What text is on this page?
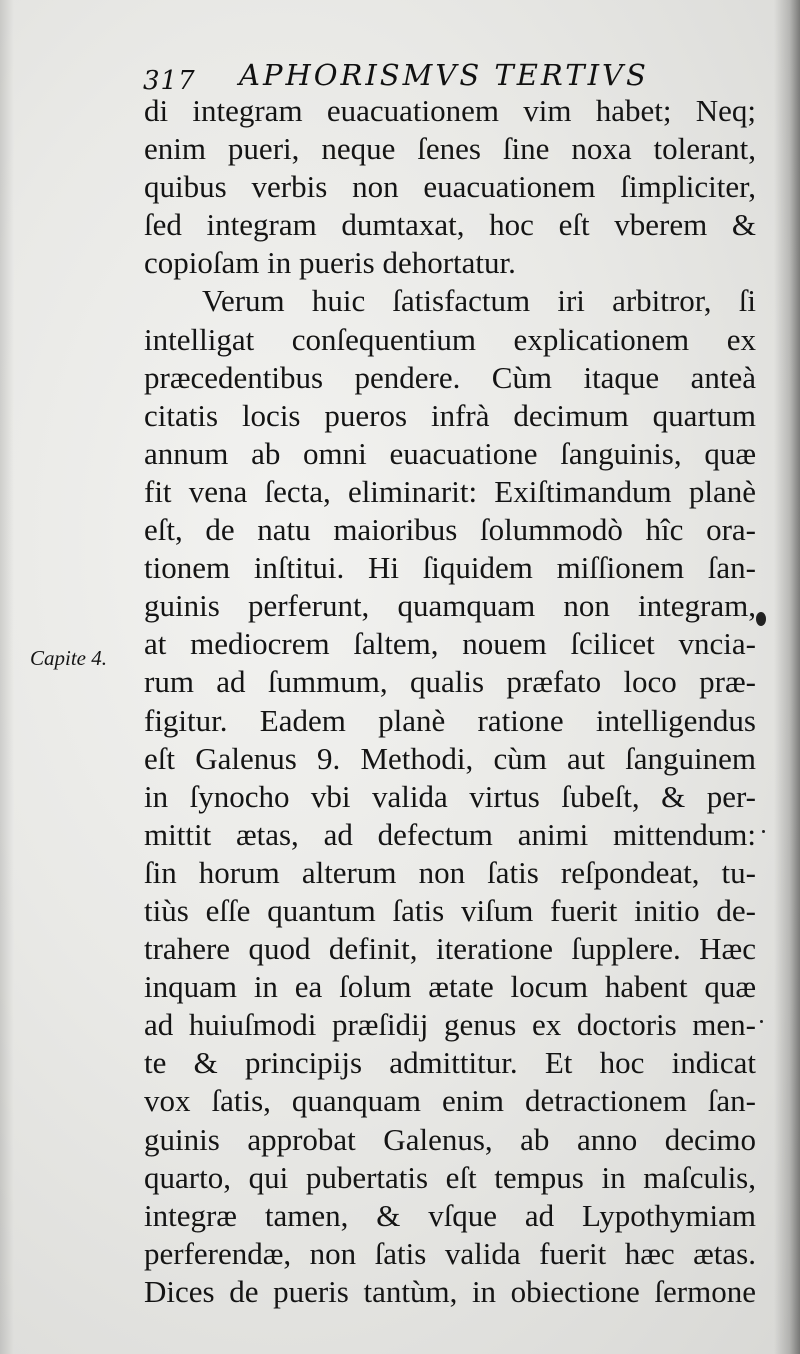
317 APHORISMVS TERTIVS
Capite 4.
di integram euacuationem vim habet; Neq;
enim pueri, neque ſenes ſine noxa tolerant,
quibus verbis non euacuationem ſimpliciter,
ſed integram dumtaxat, hoc eſt vberem &
copioſam in pueris dehortatur.
Verum huic ſatisfactum iri arbitror, ſi
intelligat conſequentium explicationem ex
præcedentibus pendere. Cùm itaque anteà
citatis locis pueros infrà decimum quartum
annum ab omni euacuatione ſanguinis, quæ
fit vena ſecta, eliminarit: Exiſtimandum planè
eſt, de natu maioribus ſolummodò hîc ora-
tionem inſtitui. Hi ſiquidem miſſionem ſan-
guinis perferunt, quamquam non integram,
at mediocrem ſaltem, nouem ſcilicet vncia-
rum ad ſummum, qualis præfato loco præ-
figitur. Eadem planè ratione intelligendus
eſt Galenus 9. Methodi, cùm aut ſanguinem
in ſynocho vbi valida virtus ſubeſt, & per-
mittit ætas, ad defectum animi mittendum:
ſin horum alterum non ſatis reſpondeat, tu-
tiùs eſſe quantum ſatis viſum fuerit initio de-
trahere quod definit, iteratione ſupplere. Hæc
inquam in ea ſolum ætate locum habent quæ
ad huiuſmodi præſidij genus ex doctoris men-
te & principijs admittitur. Et hoc indicat
vox ſatis, quanquam enim detractionem ſan-
guinis approbat Galenus, ab anno decimo
quarto, qui pubertatis eſt tempus in maſculis,
integræ tamen, & vſque ad Lypothymiam
perferendæ, non ſatis valida fuerit hæc ætas.
Dices de pueris tantùm, in obiectione ſermone
